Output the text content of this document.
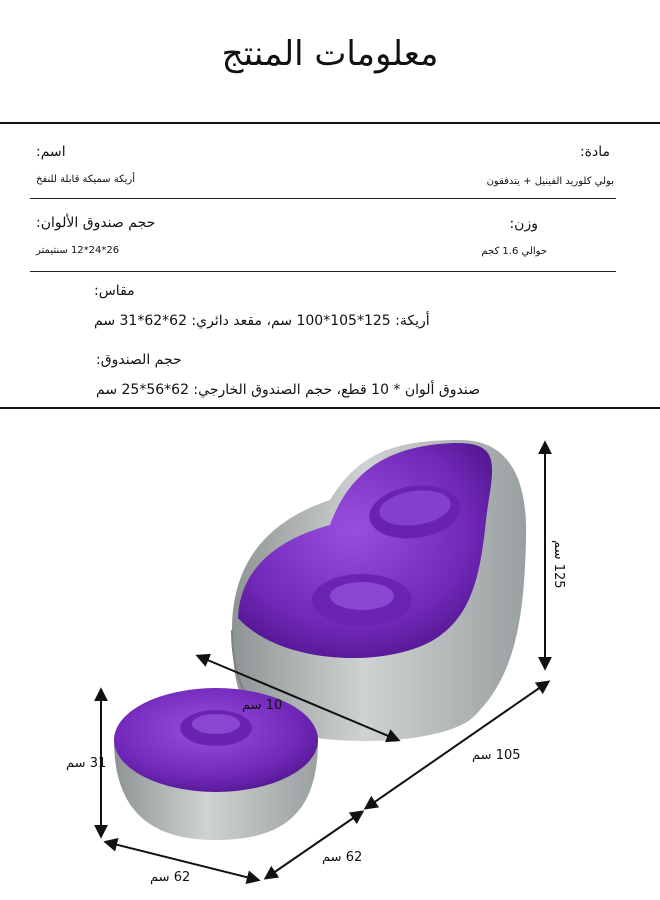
معلومات المنتج
مادة:
بولي كلوريد الفينيل + يتدفقون
اسم:
أريكة سميكة قابلة للنفخ
وزن:
حوالي 1.6 كجم
حجم صندوق الألوان:
26*24*12 سنتيمتر
مقاس:
أريكة: 125*105*100 سم، مقعد دائري: 62*62*31 سم
حجم الصندوق:
صندوق ألوان * 10 قطع، حجم الصندوق الخارجي: 62*56*25 سم
125 سم
105 سم
10 سم
31 سم
62 سم
62 سم
